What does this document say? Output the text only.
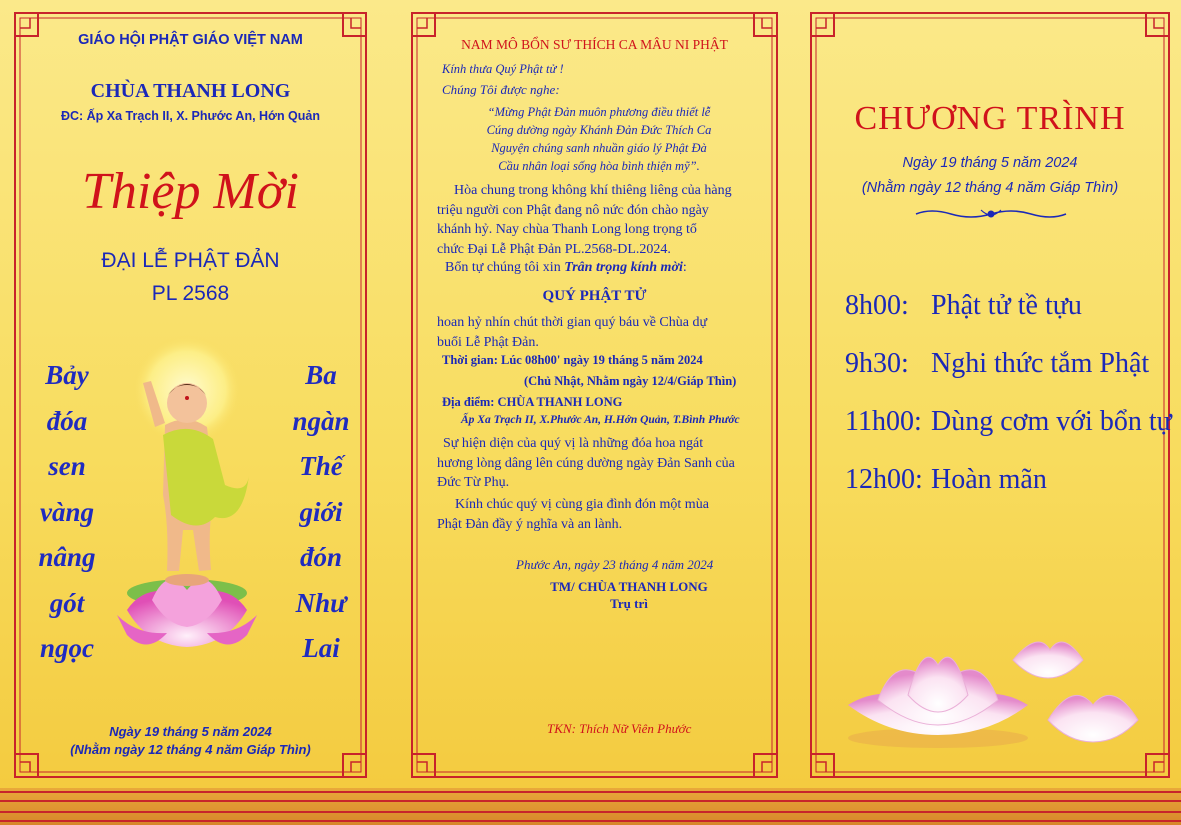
GIÁO HỘI PHẬT GIÁO VIỆT NAM
CHÙA THANH LONG
ĐC: Ấp Xa Trạch II, X. Phước An, Hớn Quản
Thiệp Mời
ĐẠI LỄ PHẬT ĐẢN
PL 2568
Bảy
đóa
sen
vàng
nâng
gót
ngọc
Ba
ngàn
Thế
giới
đón
Như
Lai
Ngày 19 tháng 5 năm 2024
(Nhằm ngày 12 tháng 4 năm Giáp Thìn)
NAM MÔ BỔN SƯ THÍCH CA MÂU NI PHẬT
Kính thưa Quý Phật tử !
Chúng Tôi được nghe:

“Mừng Phật Đản muôn phương điều thiết lễ

Cúng dường ngày Khánh Đản Đức Thích Ca

Nguyện chúng sanh nhuần giáo lý Phật Đà

Cầu nhân loại sống hòa bình thiện mỹ”.

Hòa chung trong không khí thiêng liêng của hàng

triệu người con Phật đang nô nức đón chào ngày

khánh hỷ. Nay chùa Thanh Long long trọng tổ

chức Đại Lễ Phật Đản PL.2568-DL.2024.

Bổn tự chúng tôi xin Trân trọng kính mời:
QUÝ PHẬT TỬ

hoan hỷ nhín chút thời gian quý báu về Chùa dự

buổi Lễ Phật Đản.

Thời gian: Lúc 08h00' ngày 19 tháng 5 năm 2024
(Chủ Nhật, Nhằm ngày 12/4/Giáp Thìn)
Địa điểm: CHÙA THANH LONG
Ấp Xa Trạch II, X.Phước An, H.Hớn Quản, T.Bình Phước

Sự hiện diện của quý vị là những đóa hoa ngát

hương lòng dâng lên cúng dường ngày Đản Sanh của

Đức Từ Phụ.

Kính chúc quý vị cùng gia đình đón một mùa

Phật Đản đầy ý nghĩa và an lành.

Phước An, ngày 23 tháng 4 năm 2024
TM/ CHÙA THANH LONG
Trụ trì
TKN: Thích Nữ Viên Phước
CHƯƠNG TRÌNH
Ngày 19 tháng 5 năm 2024
(Nhằm ngày 12 tháng 4 năm Giáp Thìn)
8h00: Phật tử tề tựu
9h30: Nghi thức tắm Phật
11h00: Dùng cơm với bổn tự
12h00: Hoàn mãn
